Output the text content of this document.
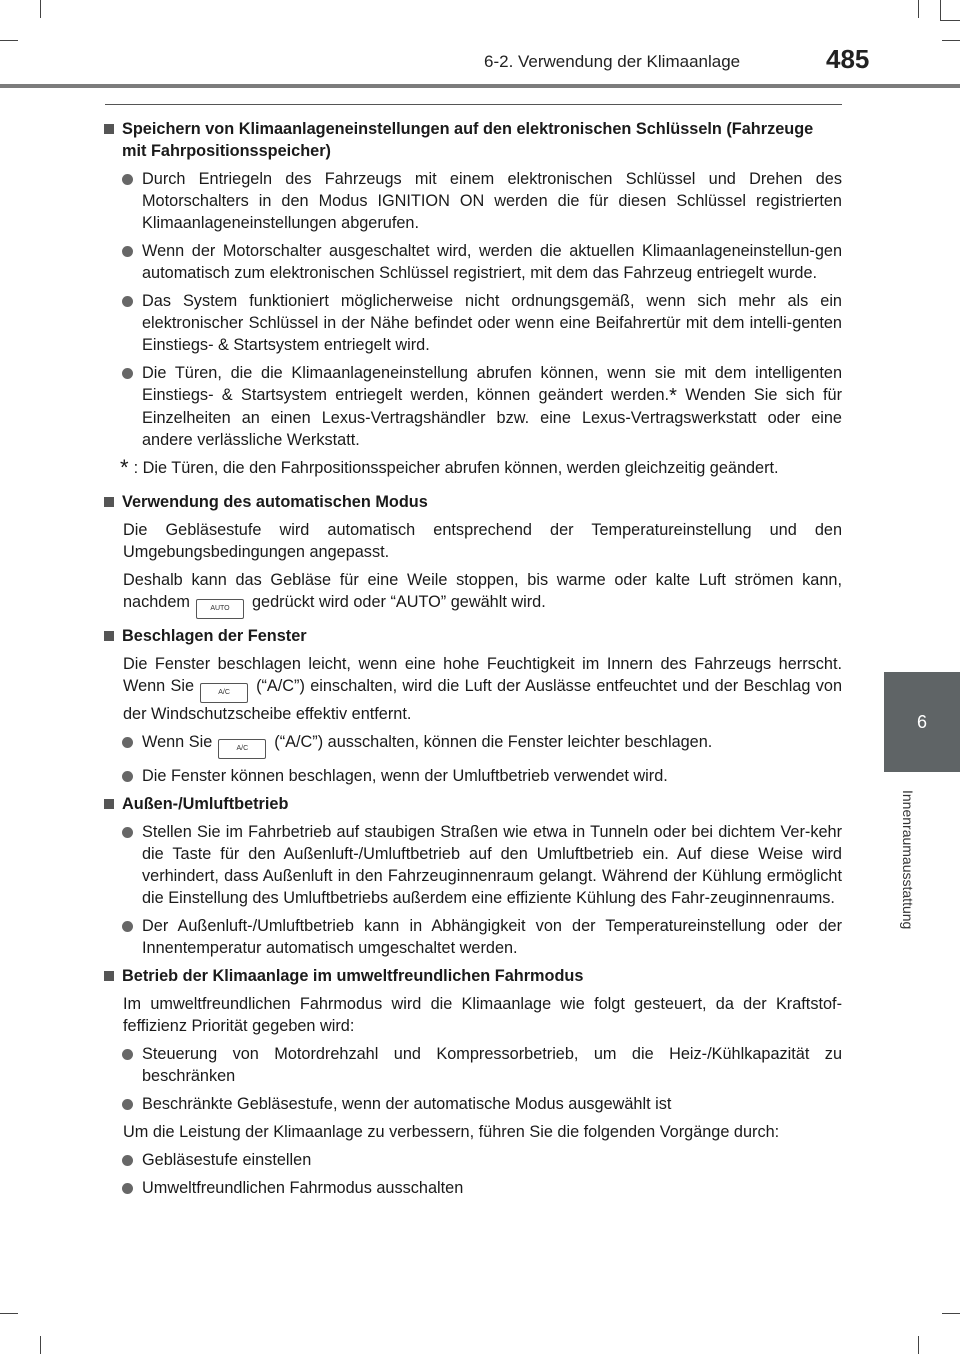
6-2. Verwendung der Klimaanlage	485
6
Innenraumausstattung
Speichern von Klimaanlageneinstellungen auf den elektronischen Schlüsseln (Fahrzeuge mit Fahrpositionsspeicher)
Durch Entriegeln des Fahrzeugs mit einem elektronischen Schlüssel und Drehen des Motorschalters in den Modus IGNITION ON werden die für diesen Schlüssel registrierten Klimaanlageneinstellungen abgerufen.
Wenn der Motorschalter ausgeschaltet wird, werden die aktuellen Klimaanlageneinstellun-gen automatisch zum elektronischen Schlüssel registriert, mit dem das Fahrzeug entriegelt wurde.
Das System funktioniert möglicherweise nicht ordnungsgemäß, wenn sich mehr als ein elektronischer Schlüssel in der Nähe befindet oder wenn eine Beifahrertür mit dem intelli-genten Einstiegs- & Startsystem entriegelt wird.
Die Türen, die die Klimaanlageneinstellung abrufen können, wenn sie mit dem intelligenten Einstiegs- & Startsystem entriegelt werden, können geändert werden.* Wenden Sie sich für Einzelheiten an einen Lexus-Vertragshändler bzw. eine Lexus-Vertragswerkstatt oder eine andere verlässliche Werkstatt.
* : Die Türen, die den Fahrpositionsspeicher abrufen können, werden gleichzeitig geändert.
Verwendung des automatischen Modus
Die Gebläsestufe wird automatisch entsprechend der Temperatureinstellung und den Umgebungsbedingungen angepasst.
Deshalb kann das Gebläse für eine Weile stoppen, bis warme oder kalte Luft strömen kann, nachdem	AUTO gedrückt wird oder “AUTO” gewählt wird.
Beschlagen der Fenster
Die Fenster beschlagen leicht, wenn eine hohe Feuchtigkeit im Innern des Fahrzeugs herrscht. Wenn Sie	A/C (“A/C”) einschalten, wird die Luft der Auslässe entfeuchtet und der Beschlag von der Windschutzscheibe effektiv entfernt.
Wenn Sie	A/C (“A/C”) ausschalten, können die Fenster leichter beschlagen.
Die Fenster können beschlagen, wenn der Umluftbetrieb verwendet wird.
Außen-/Umluftbetrieb
Stellen Sie im Fahrbetrieb auf staubigen Straßen wie etwa in Tunneln oder bei dichtem Ver-kehr die Taste für den Außenluft-/Umluftbetrieb auf den Umluftbetrieb ein. Auf diese Weise wird verhindert, dass Außenluft in den Fahrzeuginnenraum gelangt. Während der Kühlung ermöglicht die Einstellung des Umluftbetriebs außerdem eine effiziente Kühlung des Fahr-zeuginnenraums.
Der Außenluft-/Umluftbetrieb kann in Abhängigkeit von der Temperatureinstellung oder der Innentemperatur automatisch umgeschaltet werden.
Betrieb der Klimaanlage im umweltfreundlichen Fahrmodus
Im umweltfreundlichen Fahrmodus wird die Klimaanlage wie folgt gesteuert, da der Kraftstof-feffizienz Priorität gegeben wird:
Steuerung von Motordrehzahl und Kompressorbetrieb, um die Heiz-/Kühlkapazität zu beschränken
Beschränkte Gebläsestufe, wenn der automatische Modus ausgewählt ist
Um die Leistung der Klimaanlage zu verbessern, führen Sie die folgenden Vorgänge durch:
Gebläsestufe einstellen
Umweltfreundlichen Fahrmodus ausschalten
